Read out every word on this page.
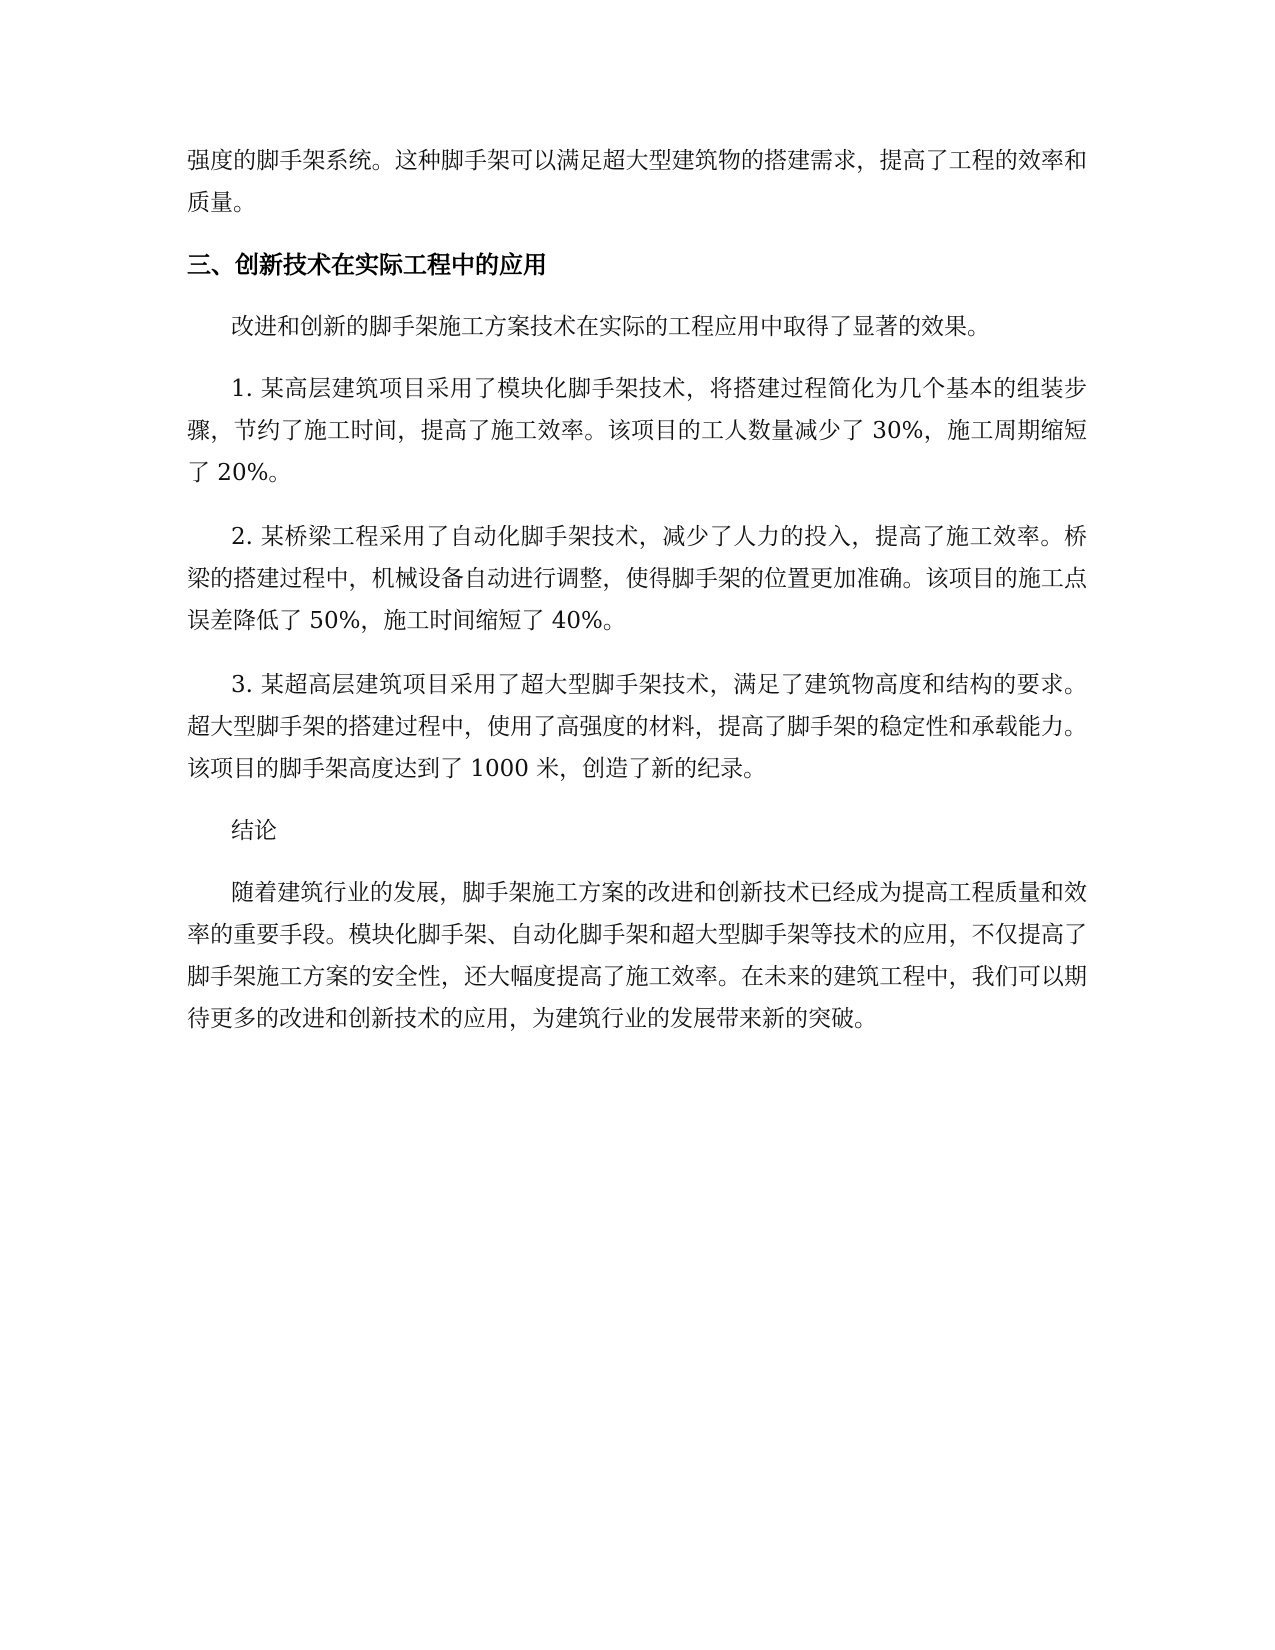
强度的脚手架系统。这种脚手架可以满足超大型建筑物的搭建需求，提高了工程的效率和质量。

三、创新技术在实际工程中的应用

改进和创新的脚手架施工方案技术在实际的工程应用中取得了显著的效果。

1. 某高层建筑项目采用了模块化脚手架技术，将搭建过程简化为几个基本的组装步骤，节约了施工时间，提高了施工效率。该项目的工人数量减少了 30%，施工周期缩短了 20%。

2. 某桥梁工程采用了自动化脚手架技术，减少了人力的投入，提高了施工效率。桥梁的搭建过程中，机械设备自动进行调整，使得脚手架的位置更加准确。该项目的施工点误差降低了 50%，施工时间缩短了 40%。

3. 某超高层建筑项目采用了超大型脚手架技术，满足了建筑物高度和结构的要求。超大型脚手架的搭建过程中，使用了高强度的材料，提高了脚手架的稳定性和承载能力。该项目的脚手架高度达到了 1000 米，创造了新的纪录。

结论

随着建筑行业的发展，脚手架施工方案的改进和创新技术已经成为提高工程质量和效率的重要手段。模块化脚手架、自动化脚手架和超大型脚手架等技术的应用，不仅提高了脚手架施工方案的安全性，还大幅度提高了施工效率。在未来的建筑工程中，我们可以期待更多的改进和创新技术的应用，为建筑行业的发展带来新的突破。
